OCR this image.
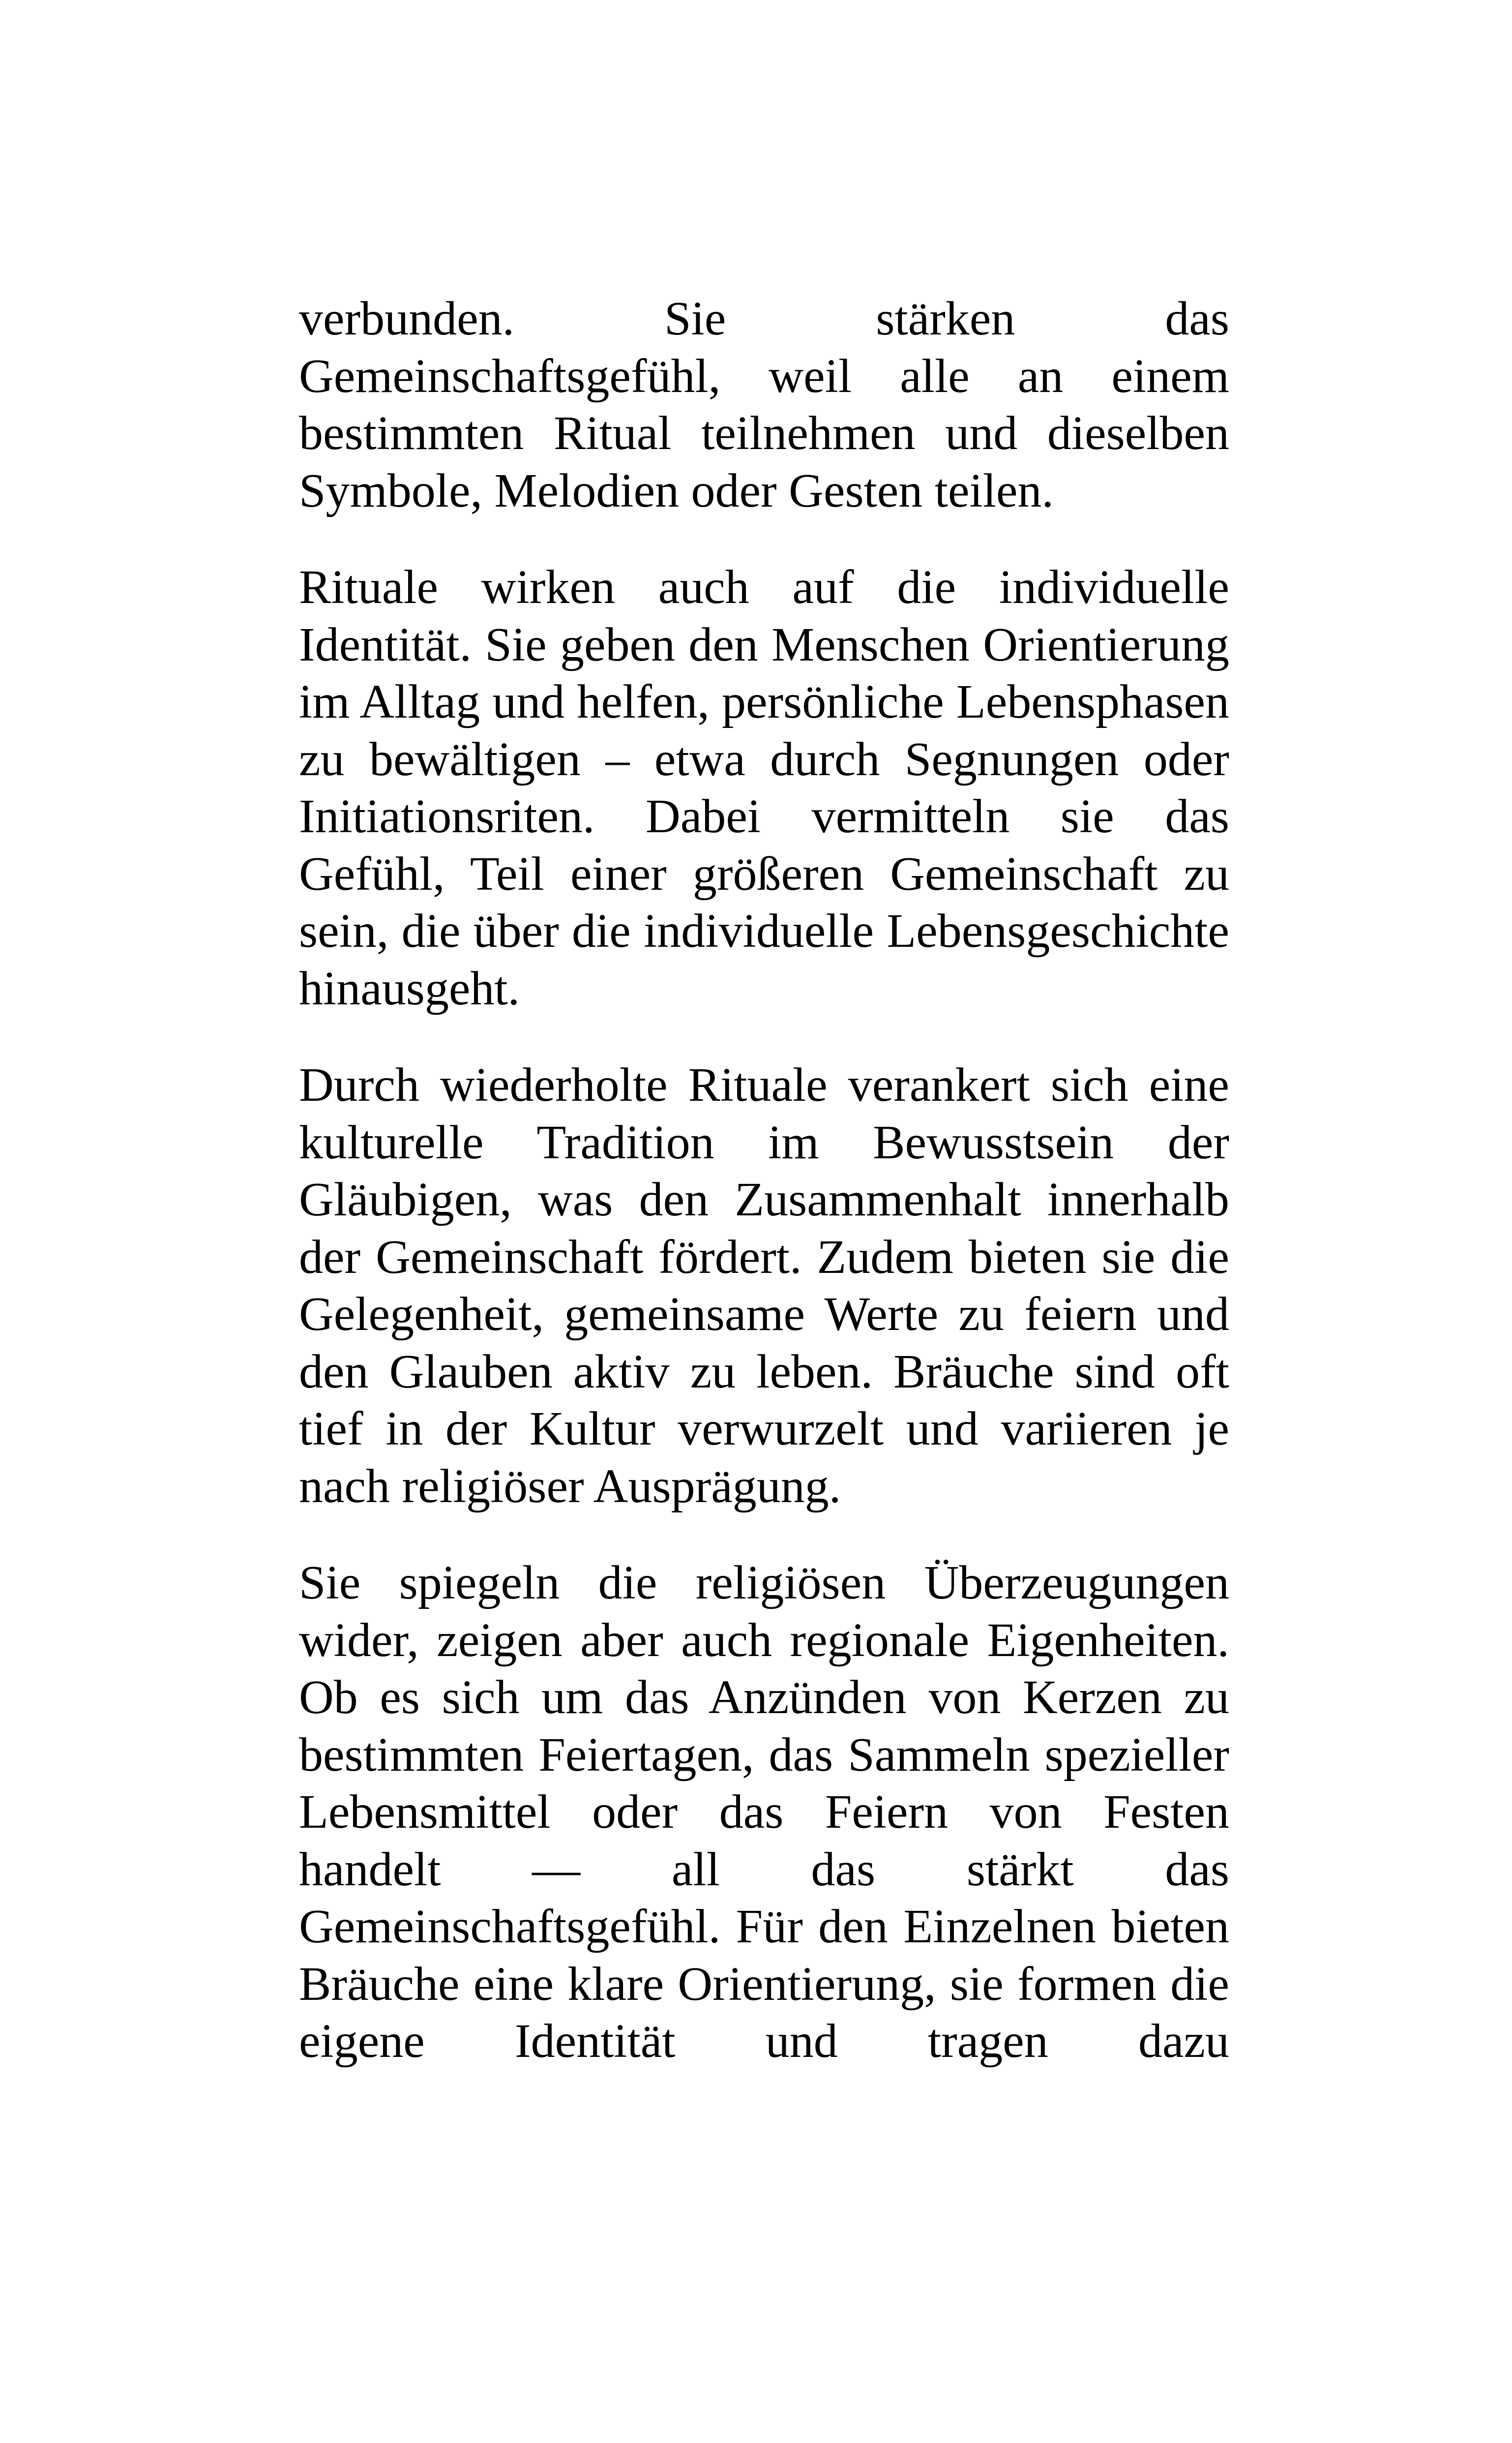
verbunden. Sie stärken das Gemeinschaftsgefühl, weil alle an einem bestimmten Ritual teilnehmen und dieselben Symbole, Melodien oder Gesten teilen.

Rituale wirken auch auf die individuelle Identität. Sie geben den Menschen Orientierung im Alltag und helfen, persönliche Lebensphasen zu bewältigen – etwa durch Segnungen oder Initiationsriten. Dabei vermitteln sie das Gefühl, Teil einer größeren Gemeinschaft zu sein, die über die individuelle Lebensgeschichte hinausgeht.

Durch wiederholte Rituale verankert sich eine kulturelle Tradition im Bewusstsein der Gläubigen, was den Zusammenhalt innerhalb der Gemeinschaft fördert. Zudem bieten sie die Gelegenheit, gemeinsame Werte zu feiern und den Glauben aktiv zu leben. Bräuche sind oft tief in der Kultur verwurzelt und variieren je nach religiöser Ausprägung.

Sie spiegeln die religiösen Überzeugungen wider, zeigen aber auch regionale Eigenheiten. Ob es sich um das Anzünden von Kerzen zu bestimmten Feiertagen, das Sammeln spezieller Lebensmittel oder das Feiern von Festen handelt — all das stärkt das Gemeinschaftsgefühl. Für den Einzelnen bieten Bräuche eine klare Orientierung, sie formen die eigene Identität und tragen dazu
